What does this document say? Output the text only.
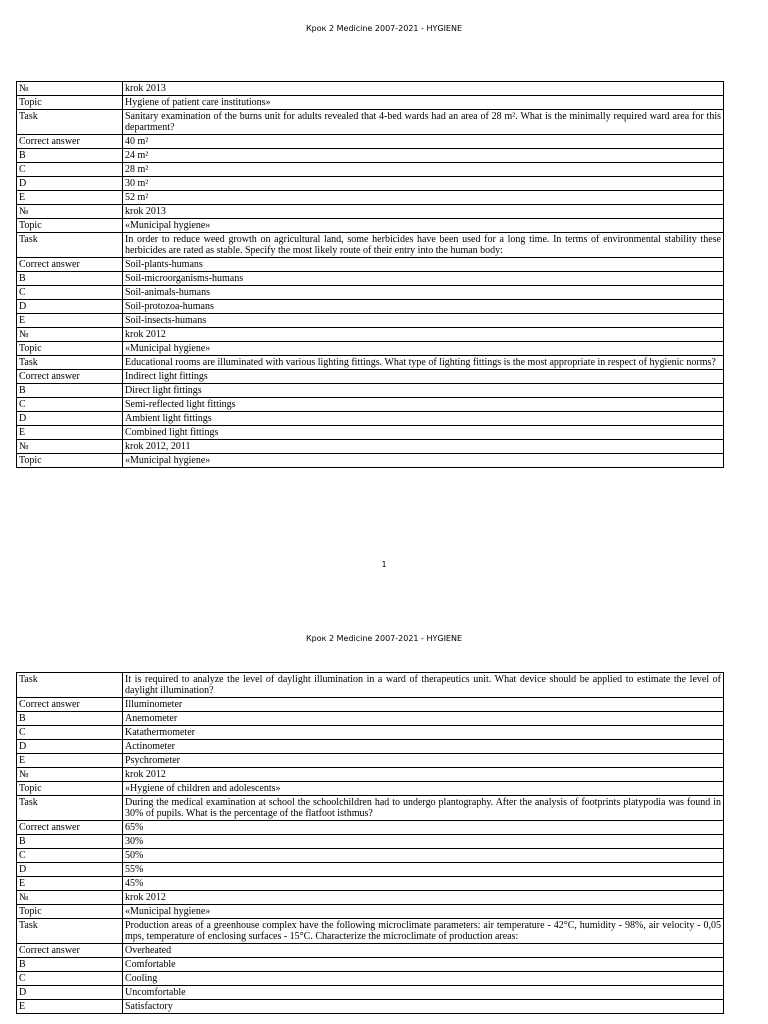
Крок 2 Medicine 2007-2021 - HYGIENE
№	krok 2013
Topic	Hygiene of patient care institutions»
Task	Sanitary examination of the burns unit for adults revealed that 4-bed wards had an area of 28 m². What is the minimally required ward area for this department?
Correct answer	40 m²
B	24 m²
C	28 m²
D	30 m²
E	52 m²
№	krok 2013
Topic	«Municipal hygiene»
Task	In order to reduce weed growth on agricultural land, some herbicides have been used for a long time. In terms of environmental stability these herbicides are rated as stable. Specify the most likely route of their entry into the human body:
Correct answer	Soil-plants-humans
B	Soil-microorganisms-humans
C	Soil-animals-humans
D	Soil-protozoa-humans
E	Soil-insects-humans
№	krok 2012
Topic	«Municipal hygiene»
Task	Educational rooms are illuminated with various lighting fittings. What type of lighting fittings is the most appropriate in respect of hygienic norms?
Correct answer	Indirect light fittings
B	Direct light fittings
C	Semi-reflected light fittings
D	Ambient light fittings
E	Combined light fittings
№	krok 2012, 2011
Topic	«Municipal hygiene»
1
Крок 2 Medicine 2007-2021 - HYGIENE
Task	It is required to analyze the level of daylight illumination in a ward of therapeutics unit. What device should be applied to estimate the level of daylight illumination?
Correct answer	Illuminometer
B	Anemometer
C	Katathermometer
D	Actinometer
E	Psychrometer
№	krok 2012
Topic	«Hygiene of children and adolescents»
Task	During the medical examination at school the schoolchildren had to undergo plantography. After the analysis of footprints platypodia was found in 30% of pupils. What is the percentage of the flatfoot isthmus?
Correct answer	65%
B	30%
C	50%
D	55%
E	45%
№	krok 2012
Topic	«Municipal hygiene»
Task	Production areas of a greenhouse complex have the following microclimate parameters: air temperature - 42°C, humidity - 98%, air velocity - 0,05 mps, temperature of enclosing surfaces - 15°C. Characterize the microclimate of production areas:
Correct answer	Overheated
B	Comfortable
C	Cooling
D	Uncomfortable
E	Satisfactory
